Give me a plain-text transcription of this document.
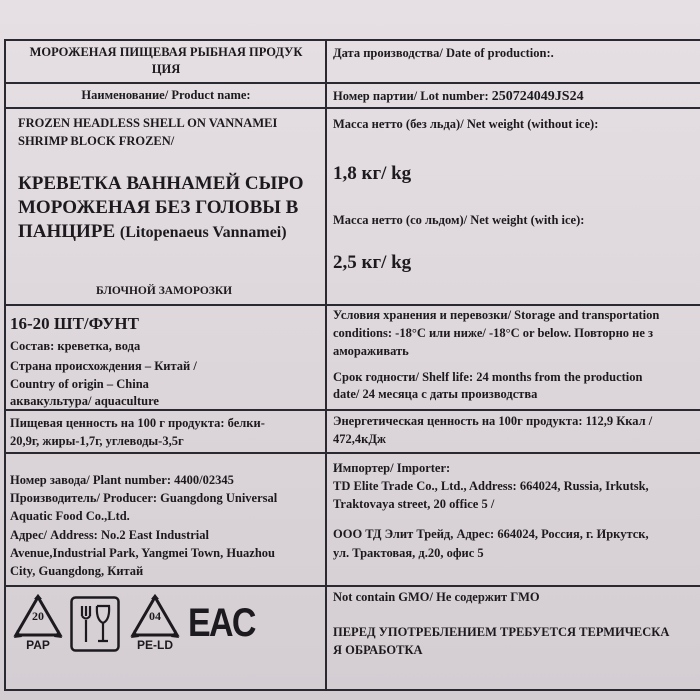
МОРОЖЕНАЯ ПИЩЕВАЯ РЫБНАЯ ПРОДУК
ЦИЯ
Дата производства/ Date of production:.
Наименование/ Product name:	Номер партии/ Lot number: 250724049JS24
FROZEN HEADLESS SHELL ON VANNAMEI
SHRIMP BLOCK FROZEN/
КРЕВЕТКА ВАННАМЕЙ СЫРО
МОРОЖЕНАЯ БЕЗ ГОЛОВЫ В
ПАНЦИРЕ (Litopenaeus Vannamei)
БЛОЧНОЙ ЗАМОРОЗКИ
Масса нетто (без льда)/ Net weight (without ice):
1,8 кг/ kg
Масса нетто (со льдом)/ Net weight (with ice):
2,5 кг/ kg
16-20 ШТ/ФУНТ
Состав: креветка, вода
Страна происхождения – Китай /
Country of origin – China
аквакультура/ aquaculture
Условия хранения и перевозки/ Storage and transportation
conditions: -18°C или ниже/ -18°C or below. Повторно не з
амораживать
Срок годности/ Shelf life: 24 months from the production
date/ 24 месяца с даты производства
Пищевая ценность на 100 г продукта: белки-
20,9г, жиры-1,7г, углеводы-3,5г
Энергетическая ценность на 100г продукта: 112,9 Ккал /
472,4кДж
Номер завода/ Plant number: 4400/02345
Производитель/ Producer: Guangdong Universal
Aquatic Food Co.,Ltd.
Адрес/ Address: No.2 East Industrial
Avenue,Industrial Park, Yangmei Town, Huazhou
City, Guangdong, Китай
Импортер/ Importer:
TD Elite Trade Co., Ltd., Address: 664024, Russia, Irkutsk,
Traktovaya street, 20 office 5 /
ООО ТД Элит Трейд, Адрес: 664024, Россия, г. Иркутск,
ул. Трактовая, д.20, офис 5
Not contain GMO/ Не содержит ГМО
ПЕРЕД УПОТРЕБЛЕНИЕМ ТРЕБУЕТСЯ ТЕРМИЧЕСКА
Я ОБРАБОТКА
20
PAP
04
PE-LD EAC
